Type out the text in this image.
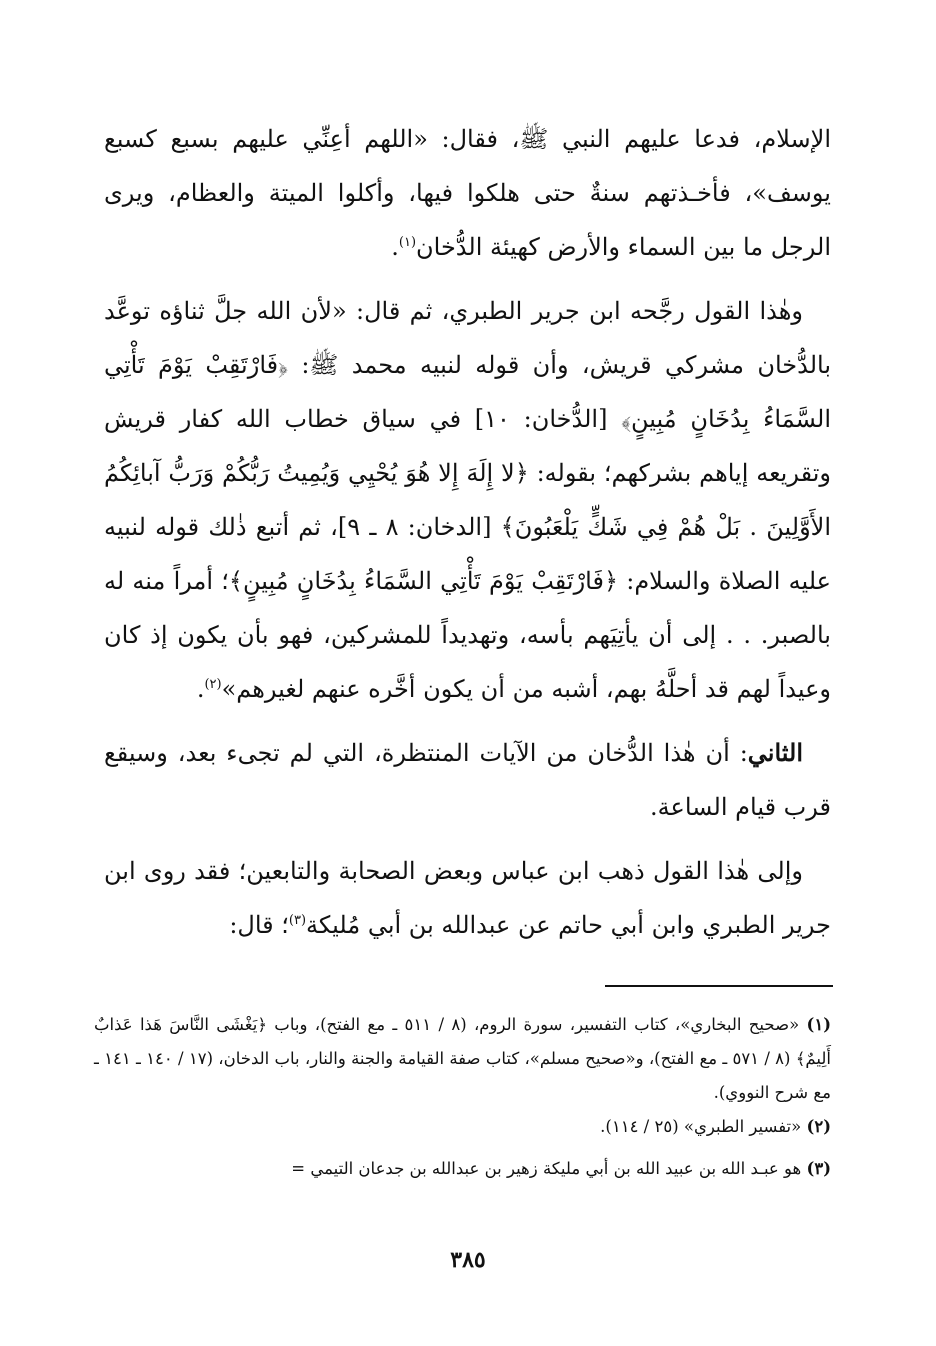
الإسلام، فدعا عليهم النبي ﷺ، فقال: «اللهم أعِنِّي عليهم بسبع كسبع يوسف»، فأخـذتهم سنةٌ حتى هلكوا فيها، وأكلوا الميتة والعظام، ويرى الرجل ما بين السماء والأرض كهيئة الدُّخان$^{(١)}$.

وهٰذا القول رجَّحه ابن جرير الطبري، ثم قال: «لأن الله جلَّ ثناؤه توعَّد بالدُّخان مشركي قريش، وأن قوله لنبيه محمد ﷺ: ﴿فَارْتَقِبْ يَوْمَ تَأْتِي السَّمَاءُ بِدُخَانٍ مُبِينٍ﴾ [الدُّخان: ١٠] في سياق خطاب الله كفار قريش وتقريعه إياهم بشركهم؛ بقوله: ﴿لا إِلَهَ إِلا هُوَ يُحْيِي وَيُمِيتُ رَبُّكُمْ وَرَبُّ آبائِكُمُ الأَوَّلِينَ . بَلْ هُمْ فِي شَكٍّ يَلْعَبُونَ﴾ [الدخان: ٨ ـ ٩]، ثم أتبع ذٰلك قوله لنبيه عليه الصلاة والسلام: ﴿فَارْتَقِبْ يَوْمَ تَأْتِي السَّمَاءُ بِدُخَانٍ مُبِينٍ﴾؛ أمراً منه له بالصبر. . . إلى أن يأتِيَهم بأسه، وتهديداً للمشركين، فهو بأن يكون إذ كان وعيداً لهم قد أحلَّهُ بهم، أشبه من أن يكون أخَّره عنهم لغيرهم»$^{(٢)}$.

الثاني: أن هٰذا الدُّخان من الآيات المنتظرة، التي لم تجىء بعد، وسيقع قرب قيام الساعة.

وإلى هٰذا القول ذهب ابن عباس وبعض الصحابة والتابعين؛ فقد روى ابن جرير الطبري وابن أبي حاتم عن عبدالله بن أبي مُليكة$^{(٣)}$؛ قال:

(١) «صحيح البخاري»، كتاب التفسير، سورة الروم، (٨ / ٥١١ ـ مع الفتح)، وباب ﴿يَغْشَى النَّاسَ هَذا عَذابٌ أَلِيمٌ﴾ (٨ / ٥٧١ ـ مع الفتح)، و«صحيح مسلم»، كتاب صفة القيامة والجنة والنار، باب الدخان، (١٧ / ١٤٠ ـ ١٤١ ـ مع شرح النووي).

(٢) «تفسير الطبري» (٢٥ / ١١٤).

(٣) هو عبـد الله بن عبيد الله بن أبي مليكة زهير بن عبدالله بن جدعان التيمي =

٣٨٥
